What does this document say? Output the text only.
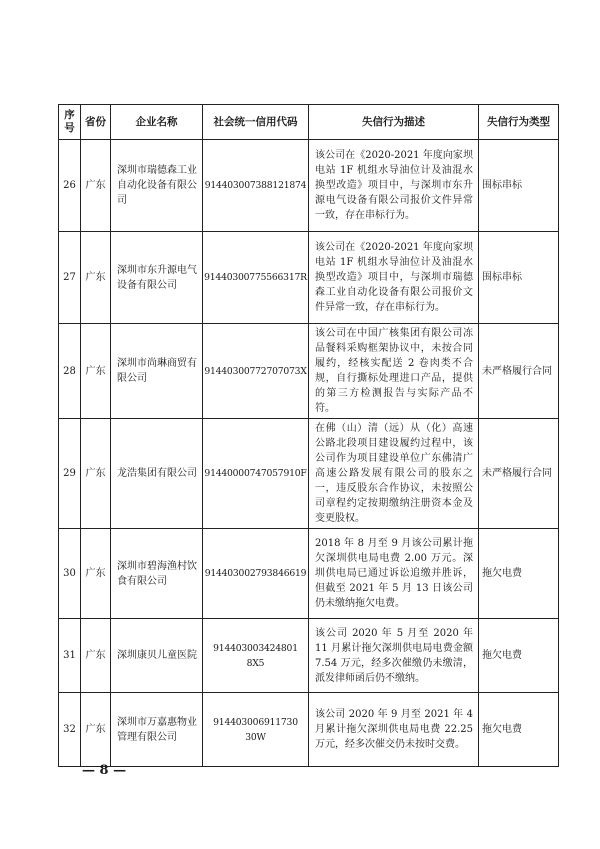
序号	省份	企业名称	社会统一信用代码	失信行为描述	失信行为类型
26	广东	深圳市瑞德森工业自动化设备有限公司	914403007388121874	该公司在《2020-2021 年度向家坝电站 1F 机组水导油位计及油混水换型改造》项目中，与深圳市东升源电气设备有限公司报价文件异常一致，存在串标行为。	围标串标
27	广东	深圳市东升源电气设备有限公司	91440300775566317R	该公司在《2020-2021 年度向家坝电站 1F 机组水导油位计及油混水换型改造》项目中，与深圳市瑞德森工业自动化设备有限公司报价文件异常一致，存在串标行为。	围标串标
28	广东	深圳市尚琳商贸有限公司	91440300772707073X	该公司在中国广核集团有限公司冻品餐料采购框架协议中，未按合同履约，经核实配送 2 卷肉类不合规，自行撕标处理进口产品，提供的第三方检测报告与实际产品不符。	未严格履行合同
29	广东	龙浩集团有限公司	91440000747057910F	在佛（山）清（远）从（化）高速公路北段项目建设履约过程中，该公司作为项目建设单位广东佛清广高速公路发展有限公司的股东之一，违反股东合作协议，未按照公司章程约定按期缴纳注册资本金及变更股权。	未严格履行合同
30	广东	深圳市碧海渔村饮食有限公司	914403002793846619	2018 年 8 月至 9 月该公司累计拖欠深圳供电局电费 2.00 万元。深圳供电局已通过诉讼追缴并胜诉，但截至 2021 年 5 月 13 日该公司仍未缴纳拖欠电费。	拖欠电费
31	广东	深圳康贝儿童医院	914403003424801 8X5	该公司 2020 年 5 月至 2020 年 11 月累计拖欠深圳供电局电费金额 7.54 万元，经多次催缴仍未缴清，派发律师函后仍不缴纳。	拖欠电费
32	广东	深圳市万嘉惠物业管理有限公司	914403006911730 30W	该公司 2020 年 9 月至 2021 年 4 月累计拖欠深圳供电局电费 22.25 万元，经多次催交仍未按时交费。	拖欠电费
— 8 —
